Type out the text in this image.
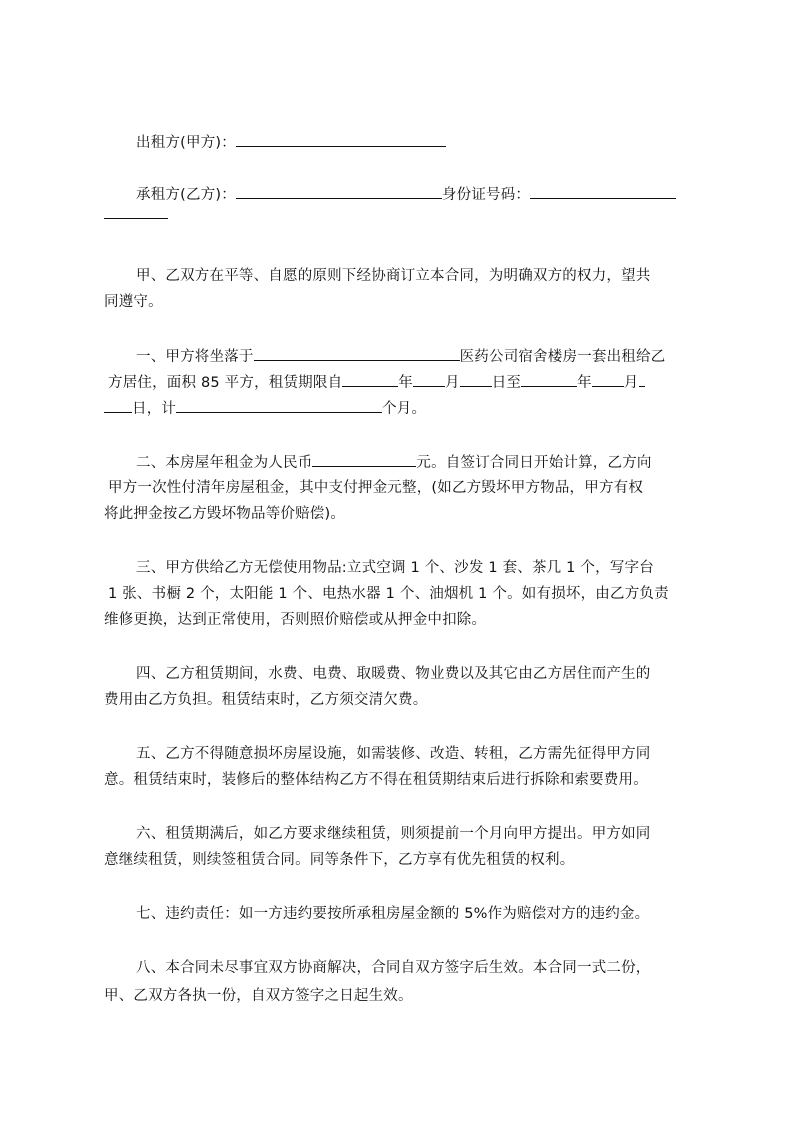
出租方(甲方)：
承租方(乙方)：	身份证号码：
甲、乙双方在平等、自愿的原则下经协商订立本合同，为明确双方的权力，望共
同遵守。
一、甲方将坐落于	医药公司宿舍楼房一套出租给乙
方居住，面积 85 平方，租赁期限自	年 月 日至	年 月
日，计	个月。
二、本房屋年租金为人民币	元。自签订合同日开始计算，乙方向
甲方一次性付清年房屋租金，其中支付押金元整，(如乙方毁坏甲方物品，甲方有权
将此押金按乙方毁坏物品等价赔偿)。
三、甲方供给乙方无偿使用物品:立式空调 1 个、沙发 1 套、茶几 1 个，写字台
1 张、书橱 2 个，太阳能 1 个、电热水器 1 个、油烟机 1 个。如有损坏，由乙方负责
维修更换，达到正常使用，否则照价赔偿或从押金中扣除。
四、乙方租赁期间，水费、电费、取暖费、物业费以及其它由乙方居住而产生的
费用由乙方负担。租赁结束时，乙方须交清欠费。
五、乙方不得随意损坏房屋设施，如需装修、改造、转租，乙方需先征得甲方同
意。租赁结束时，装修后的整体结构乙方不得在租赁期结束后进行拆除和索要费用。
六、租赁期满后，如乙方要求继续租赁，则须提前一个月向甲方提出。甲方如同
意继续租赁，则续签租赁合同。同等条件下，乙方享有优先租赁的权利。
七、违约责任：如一方违约要按所承租房屋金额的 5%作为赔偿对方的违约金。
八、本合同未尽事宜双方协商解决，合同自双方签字后生效。本合同一式二份，
甲、乙双方各执一份，自双方签字之日起生效。
